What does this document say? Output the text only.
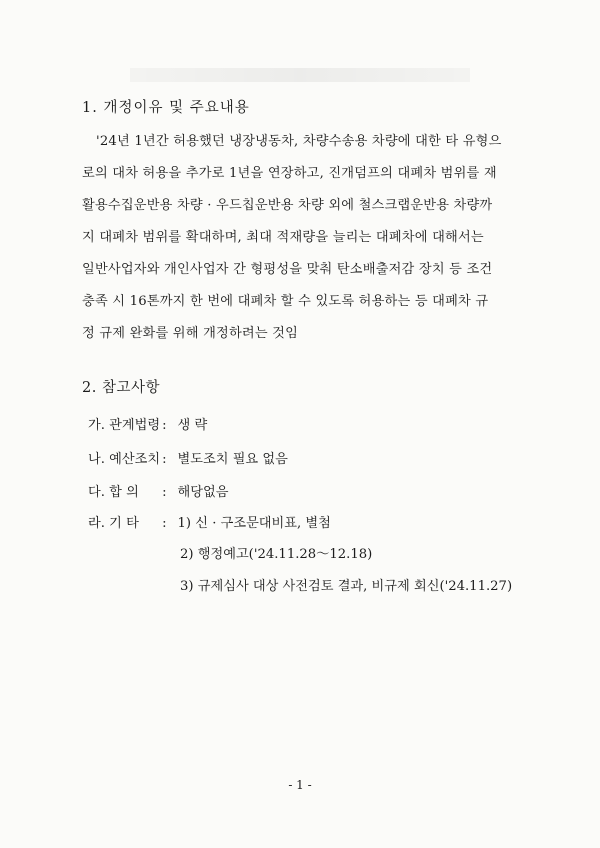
1. 개정이유 및 주요내용
'24년 1년간 허용했던 냉장냉동차, 차량수송용 차량에 대한 타 유형으
로의 대차 허용을 추가로 1년을 연장하고, 진개덤프의 대폐차 범위를 재
활용수집운반용 차량 · 우드칩운반용 차량 외에 철스크랩운반용 차량까
지 대폐차 범위를 확대하며, 최대 적재량을 늘리는 대폐차에 대해서는
일반사업자와 개인사업자 간 형평성을 맞춰 탄소배출저감 장치 등 조건
충족 시 16톤까지 한 번에 대폐차 할 수 있도록 허용하는 등 대폐차 규
정 규제 완화를 위해 개정하려는 것임
2. 참고사항
가. 관계법령 : 생 략
나. 예산조치 : 별도조치 필요 없음
다. 합 의 : 해당없음
라. 기 타 : 1) 신 · 구조문대비표, 별첨
2) 행정예고('24.11.28～12.18)
3) 규제심사 대상 사전검토 결과, 비규제 회신('24.11.27)
- 1 -
